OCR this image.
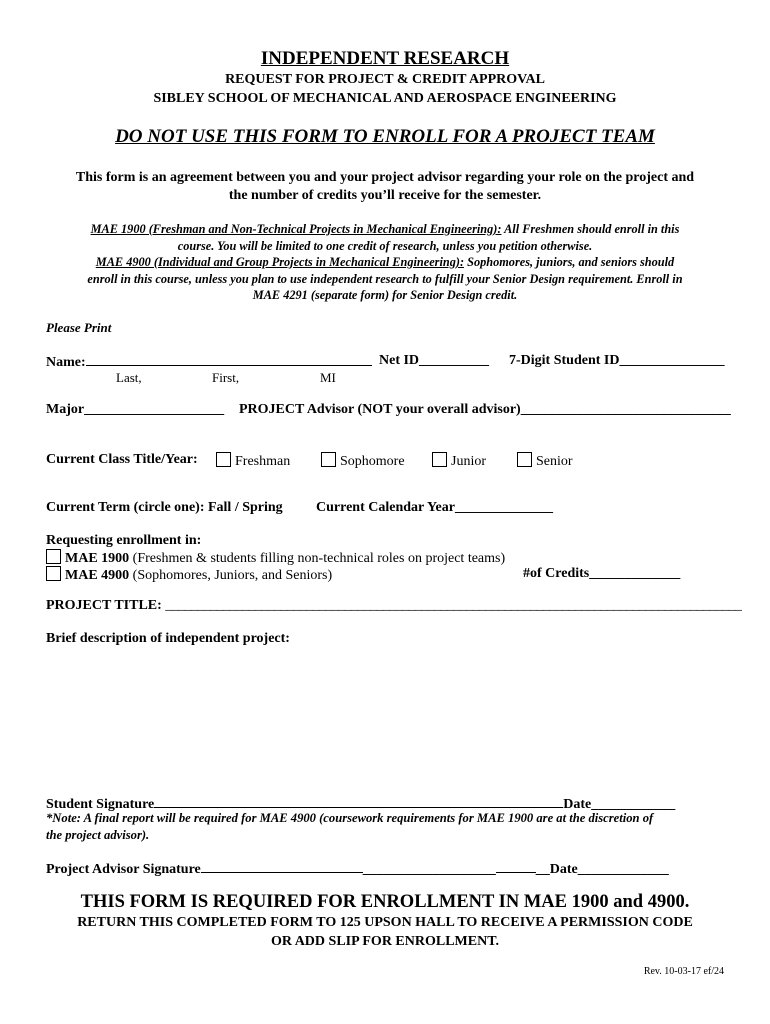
INDEPENDENT RESEARCH
REQUEST FOR PROJECT & CREDIT APPROVAL
SIBLEY SCHOOL OF MECHANICAL AND AEROSPACE ENGINEERING
DO NOT USE THIS FORM TO ENROLL FOR A PROJECT TEAM
This form is an agreement between you and your project advisor regarding your role on the project and
the number of credits you’ll receive for the semester.
MAE 1900 (Freshman and Non-Technical Projects in Mechanical Engineering): All Freshmen should enroll in this
course. You will be limited to one credit of research, unless you petition otherwise.
MAE 4900 (Individual and Group Projects in Mechanical Engineering): Sophomores, juniors, and seniors should
enroll in this course, unless you plan to use independent research to fulfill your Senior Design requirement. Enroll in
MAE 4291 (separate form) for Senior Design credit.
Please Print
Name:	Net ID__________ 7-Digit Student ID_______________
Last,	First,	MI
Major____________________ PROJECT Advisor (NOT your overall advisor)______________________________
Current Class Title/Year:	Freshman	Sophomore	Junior	Senior
Current Term (circle one): Fall / Spring Current Calendar Year______________
Requesting enrollment in:
MAE 1900 (Freshmen & students filling non-technical roles on project teams)
MAE 4900 (Sophomores, Juniors, and Seniors)	#of Credits_____________
PROJECT TITLE: __________________________________________________________________________________________
Brief description of independent project:
Student Signature	Date____________
*Note: A final report will be required for MAE 4900 (coursework requirements for MAE 1900 are at the discretion of
the project advisor).
Project Advisor Signature	___________________	__Date_____________
THIS FORM IS REQUIRED FOR ENROLLMENT IN MAE 1900 and 4900.
RETURN THIS COMPLETED FORM TO 125 UPSON HALL TO RECEIVE A PERMISSION CODE
OR ADD SLIP FOR ENROLLMENT.
Rev. 10-03-17 ef/24
